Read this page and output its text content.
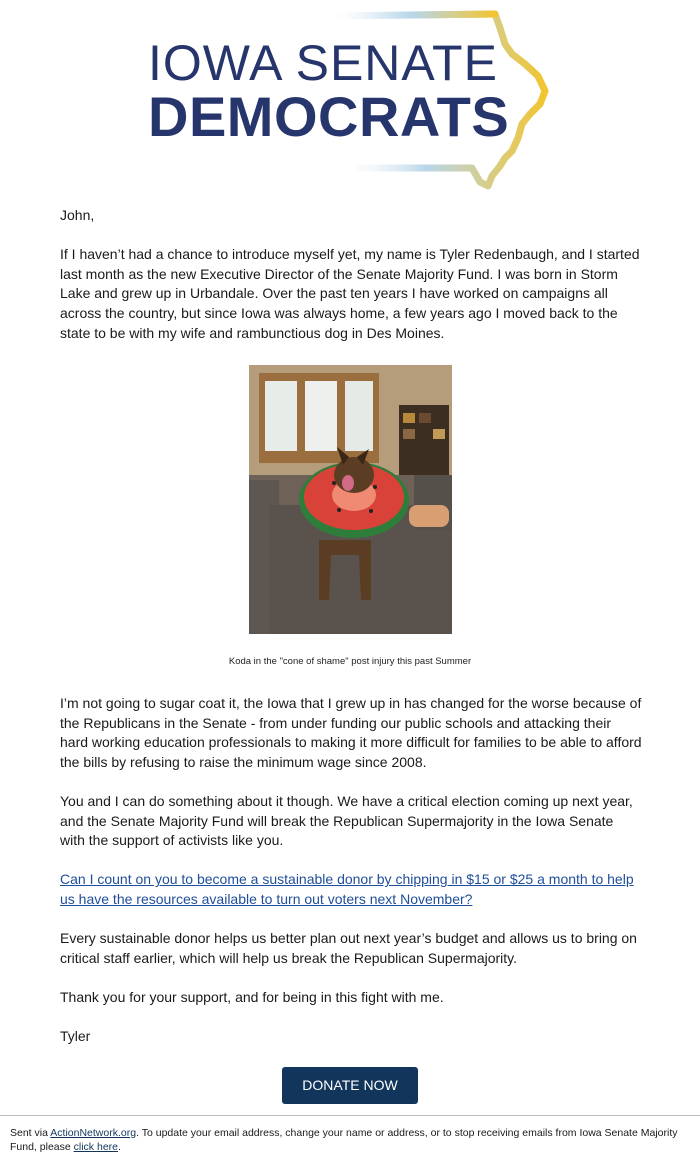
IOWA SENATE
DEMOCRATS

John,

If I haven’t had a chance to introduce myself yet, my name is Tyler Redenbaugh, and I started last month as the new Executive Director of the Senate Majority Fund. I was born in Storm Lake and grew up in Urbandale. Over the past ten years I have worked on campaigns all across the country, but since Iowa was always home, a few years ago I moved back to the state to be with my wife and rambunctious dog in Des Moines.

Koda in the "cone of shame" post injury this past Summer

I’m not going to sugar coat it, the Iowa that I grew up in has changed for the worse because of the Republicans in the Senate - from under funding our public schools and attacking their hard working education professionals to making it more difficult for families to be able to afford the bills by refusing to raise the minimum wage since 2008.

You and I can do something about it though. We have a critical election coming up next year, and the Senate Majority Fund will break the Republican Supermajority in the Iowa Senate with the support of activists like you.

Can I count on you to become a sustainable donor by chipping in $15 or $25 a month to help us have the resources available to turn out voters next November?

Every sustainable donor helps us better plan out next year’s budget and allows us to bring on critical staff earlier, which will help us break the Republican Supermajority.

Thank you for your support, and for being in this fight with me.

Tyler

DONATE NOW
Sent via ActionNetwork.org. To update your email address, change your name or address, or to stop receiving emails from Iowa Senate Majority Fund, please click here.
